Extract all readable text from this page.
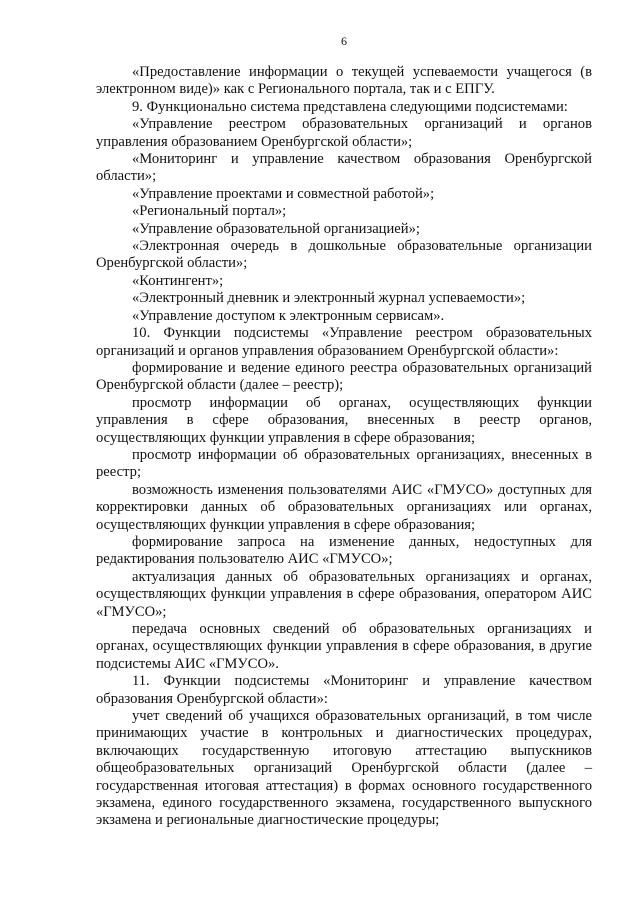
6

«Предоставление информации о текущей успеваемости учащегося (в электронном виде)» как с Регионального портала, так и с ЕПГУ.

9. Функционально система представлена следующими подсистемами:

«Управление реестром образовательных организаций и органов управления образованием Оренбургской области»;

«Мониторинг и управление качеством образования Оренбургской области»;

«Управление проектами и совместной работой»;

«Региональный портал»;

«Управление образовательной организацией»;

«Электронная очередь в дошкольные образовательные организации Оренбургской области»;

«Контингент»;

«Электронный дневник и электронный журнал успеваемости»;

«Управление доступом к электронным сервисам».

10. Функции подсистемы «Управление реестром образовательных организаций и органов управления образованием Оренбургской области»:

формирование и ведение единого реестра образовательных организаций Оренбургской области (далее – реестр);

просмотр информации об органах, осуществляющих функции управления в сфере образования, внесенных в реестр органов, осуществляющих функции управления в сфере образования;

просмотр информации об образовательных организациях, внесенных в реестр;

возможность изменения пользователями АИС «ГМУСО» доступных для корректировки данных об образовательных организациях или органах, осуществляющих функции управления в сфере образования;

формирование запроса на изменение данных, недоступных для редактирования пользователю АИС «ГМУСО»;

актуализация данных об образовательных организациях и органах, осуществляющих функции управления в сфере образования, оператором АИС «ГМУСО»;

передача основных сведений об образовательных организациях и органах, осуществляющих функции управления в сфере образования, в другие подсистемы АИС «ГМУСО».

11. Функции подсистемы «Мониторинг и управление качеством образования Оренбургской области»:

учет сведений об учащихся образовательных организаций, в том числе принимающих участие в контрольных и диагностических процедурах, включающих государственную итоговую аттестацию выпускников общеобразовательных организаций Оренбургской области (далее – государственная итоговая аттестация) в формах основного государственного экзамена, единого государственного экзамена, государственного выпускного экзамена и региональные диагностические процедуры;
